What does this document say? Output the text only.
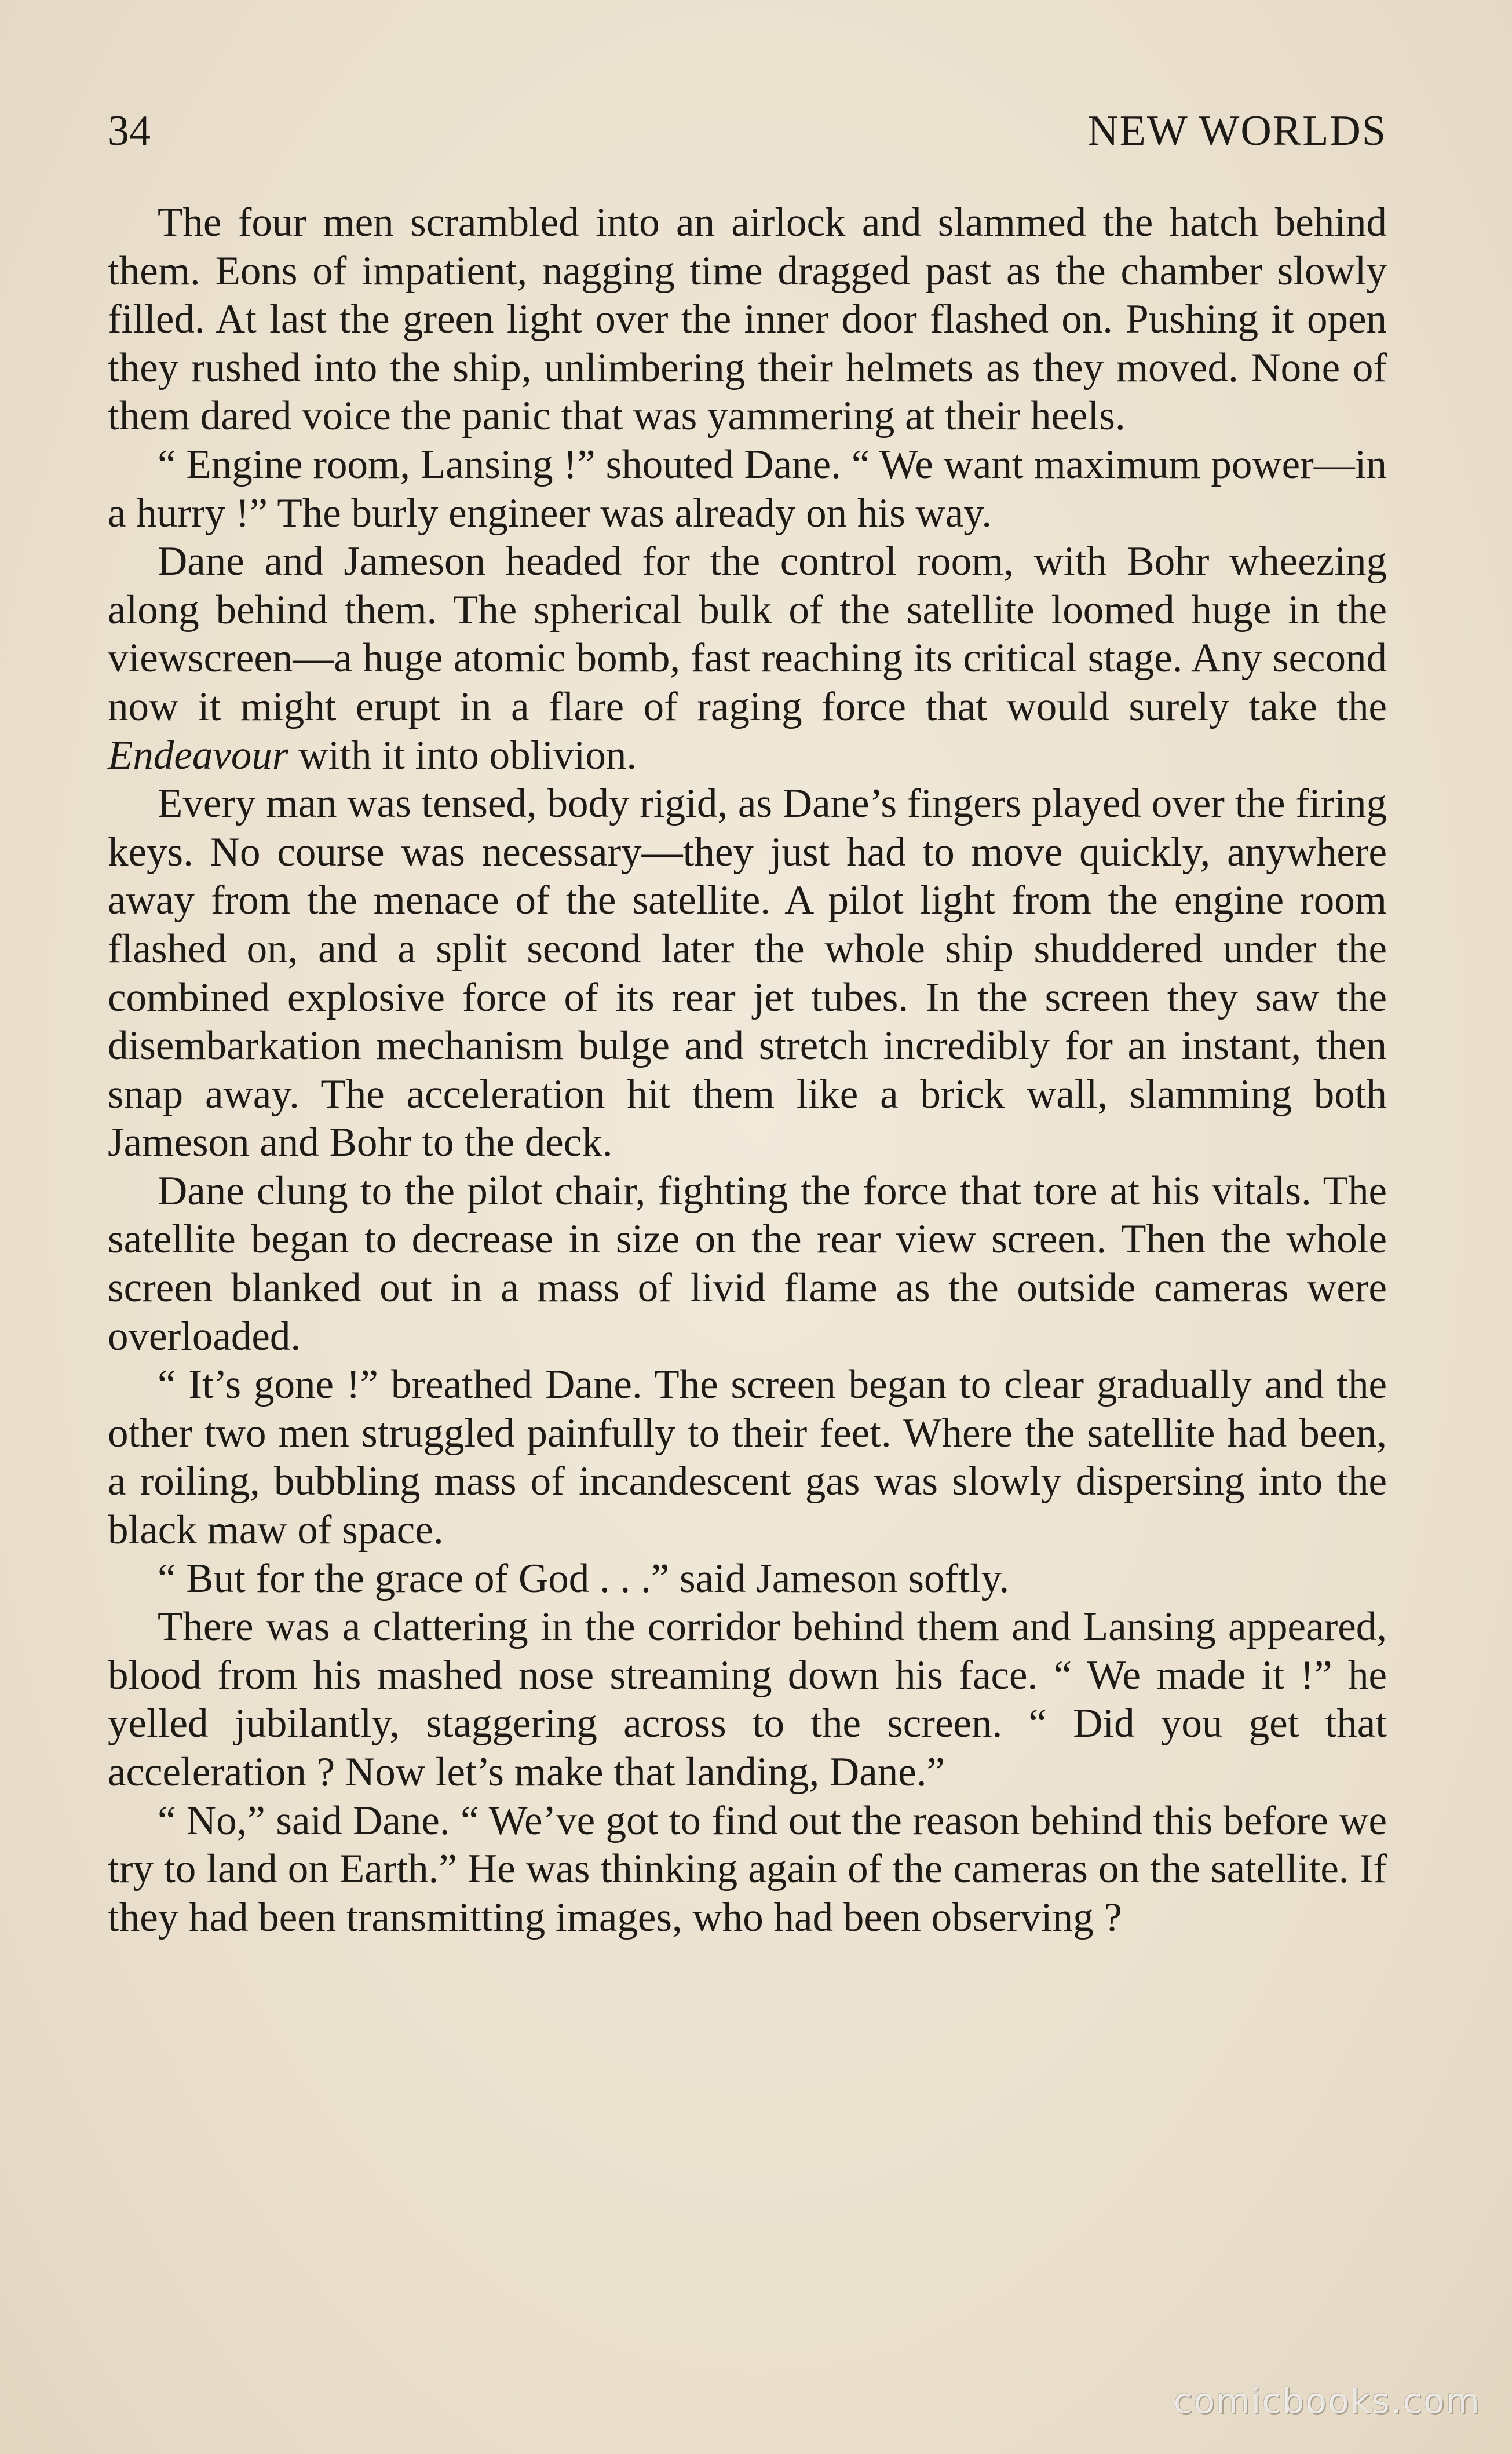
34	NEW WORLDS

The four men scrambled into an airlock and slammed the hatch behind them. Eons of impatient, nagging time dragged past as the chamber slowly filled. At last the green light over the inner door flashed on. Pushing it open they rushed into the ship, unlimbering their helmets as they moved. None of them dared voice the panic that was yammering at their heels.

“ Engine room, Lansing !” shouted Dane. “ We want maximum power—in a hurry !” The burly engineer was already on his way.

Dane and Jameson headed for the control room, with Bohr wheezing along behind them. The spherical bulk of the satellite loomed huge in the viewscreen—a huge atomic bomb, fast reaching its critical stage. Any second now it might erupt in a flare of raging force that would surely take the Endeavour with it into oblivion.

Every man was tensed, body rigid, as Dane’s fingers played over the firing keys. No course was necessary—they just had to move quickly, anywhere away from the menace of the satellite. A pilot light from the engine room flashed on, and a split second later the whole ship shuddered under the combined explosive force of its rear jet tubes. In the screen they saw the disembarkation mechanism bulge and stretch incredibly for an instant, then snap away. The acceleration hit them like a brick wall, slamming both Jameson and Bohr to the deck.

Dane clung to the pilot chair, fighting the force that tore at his vitals. The satellite began to decrease in size on the rear view screen. Then the whole screen blanked out in a mass of livid flame as the outside cameras were overloaded.

“ It’s gone !” breathed Dane. The screen began to clear gradually and the other two men struggled painfully to their feet. Where the satellite had been, a roiling, bubbling mass of incandescent gas was slowly dispersing into the black maw of space.

“ But for the grace of God . . .” said Jameson softly.

There was a clattering in the corridor behind them and Lansing appeared, blood from his mashed nose streaming down his face. “ We made it !” he yelled jubilantly, staggering across to the screen. “ Did you get that acceleration ? Now let’s make that landing, Dane.”

“ No,” said Dane. “ We’ve got to find out the reason behind this before we try to land on Earth.” He was thinking again of the cameras on the satellite. If they had been transmitting images, who had been observing ?

comicbooks.com
